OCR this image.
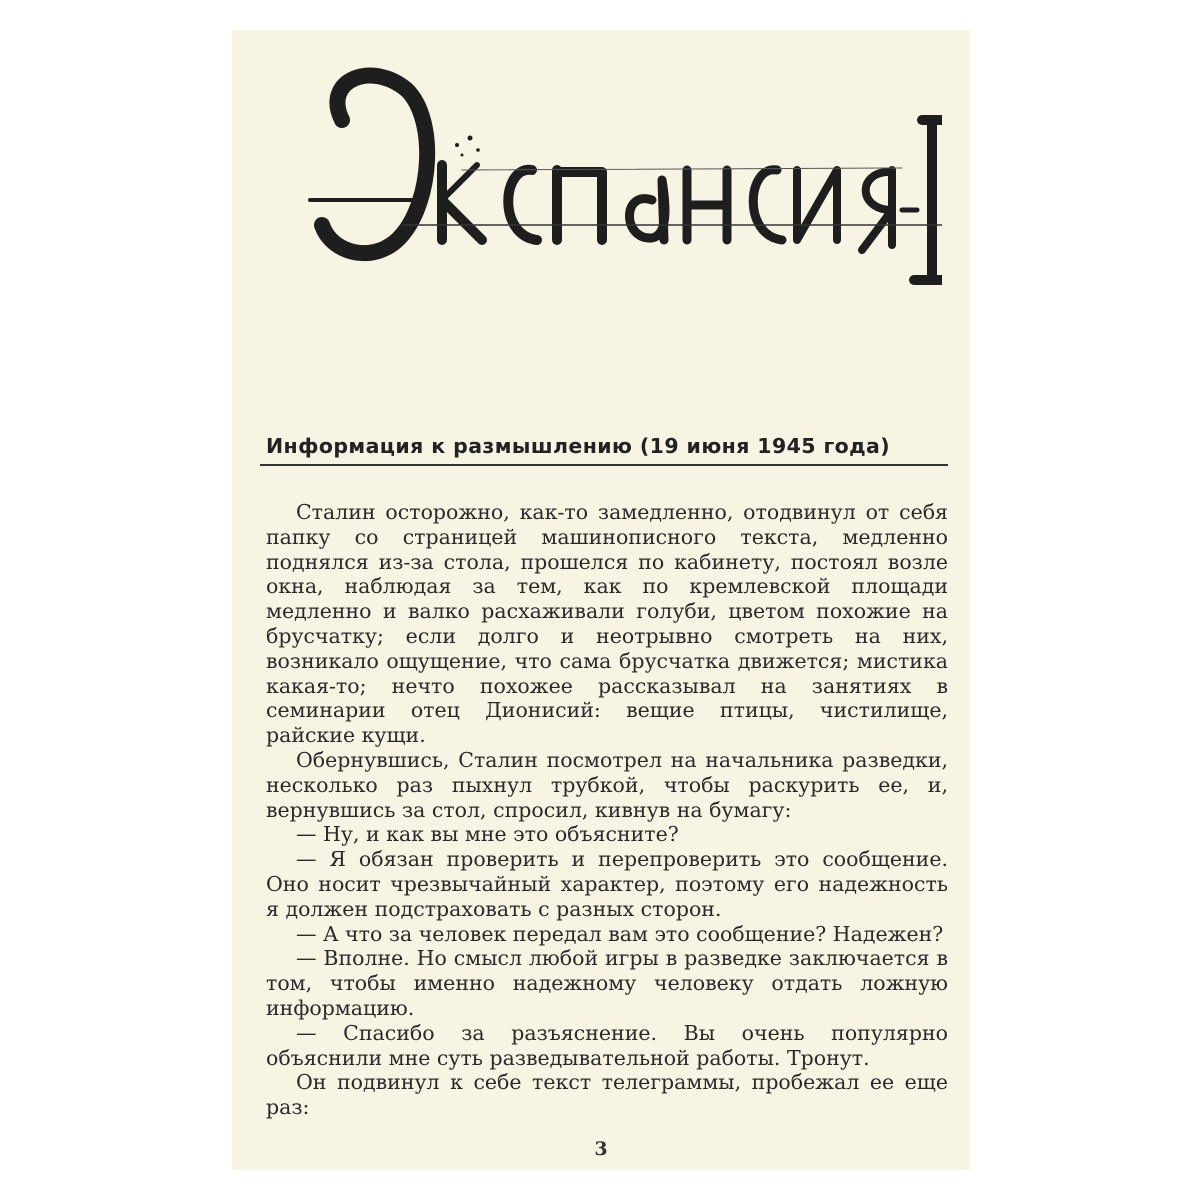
Информация к размышлению (19 июня 1945 года)

Сталин осторожно, как-то замедленно, отодвинул от себя папку со страницей машинописного текста, медленно поднялся из-за стола, прошелся по кабинету, постоял возле окна, наблюдая за тем, как по кремлевской площади медленно и валко расхаживали голуби, цветом похожие на брусчатку; если долго и неотрывно смотреть на них, возникало ощущение, что сама брусчатка движется; мистика какая-то; нечто похожее рассказывал на занятиях в семинарии отец Дионисий: вещие птицы, чистилище, райские кущи.

Обернувшись, Сталин посмотрел на начальника разведки, несколько раз пыхнул трубкой, чтобы раскурить ее, и, вернувшись за стол, спросил, кивнув на бумагу:

— Ну, и как вы мне это объясните?

— Я обязан проверить и перепроверить это сообщение. Оно носит чрезвычайный характер, поэтому его надежность я должен подстраховать с разных сторон.

— А что за человек передал вам это сообщение? Надежен?

— Вполне. Но смысл любой игры в разведке заключается в том, чтобы именно надежному человеку отдать ложную информацию.

— Спасибо за разъяснение. Вы очень популярно объяснили мне суть разведывательной работы. Тронут.

Он подвинул к себе текст телеграммы, пробежал ее еще раз:

3
